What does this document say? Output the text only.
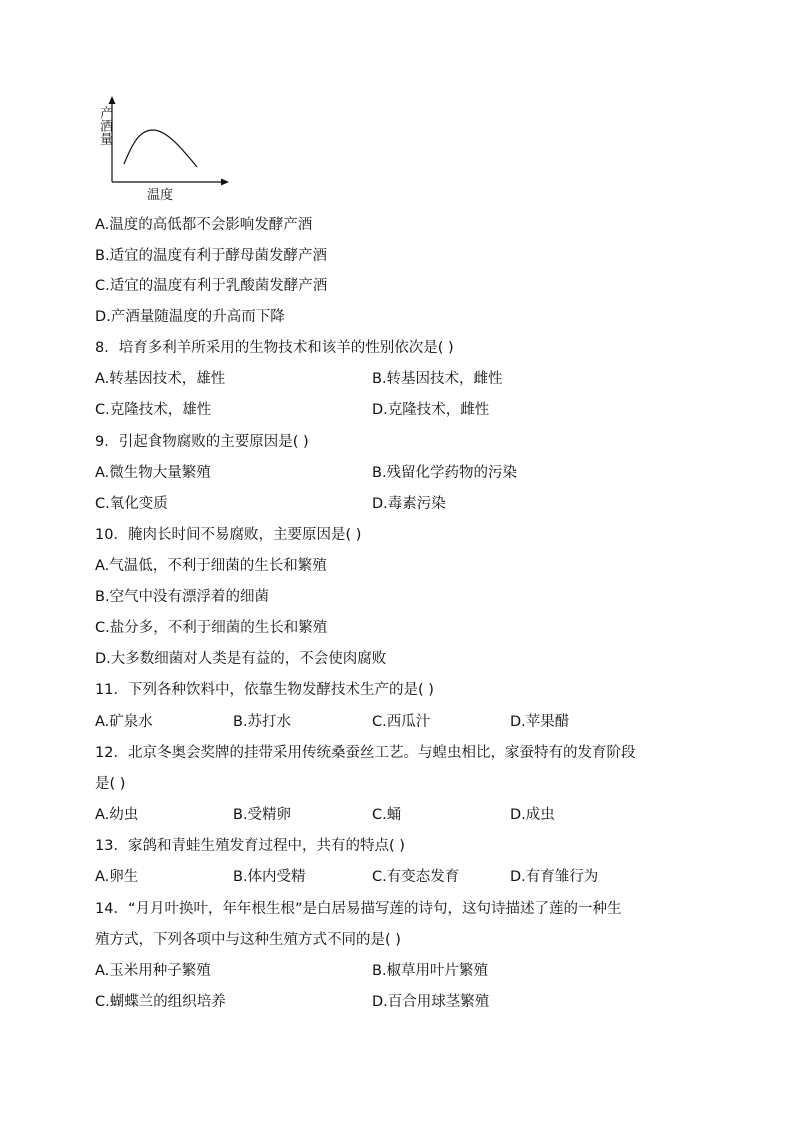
产酒量
温度
A.温度的高低都不会影响发酵产酒
B.适宜的温度有利于酵母菌发酵产酒
C.适宜的温度有利于乳酸菌发酵产酒
D.产酒量随温度的升高而下降
8．培育多利羊所采用的生物技术和该羊的性别依次是( )
A.转基因技术，雄性	B.转基因技术，雌性
C.克隆技术，雄性	D.克隆技术，雌性
9．引起食物腐败的主要原因是( )
A.微生物大量繁殖	B.残留化学药物的污染
C.氧化变质	D.毒素污染
10．腌肉长时间不易腐败，主要原因是( )
A.气温低，不利于细菌的生长和繁殖
B.空气中没有漂浮着的细菌
C.盐分多，不利于细菌的生长和繁殖
D.大多数细菌对人类是有益的，不会使肉腐败
11．下列各种饮料中，依靠生物发酵技术生产的是( )
A.矿泉水	B.苏打水	C.西瓜汁	D.苹果醋
12．北京冬奥会奖牌的挂带采用传统桑蚕丝工艺。与蝗虫相比，家蚕特有的发育阶段
是( )
A.幼虫	B.受精卵	C.蛹	D.成虫
13．家鸽和青蛙生殖发育过程中，共有的特点( )
A.卵生	B.体内受精	C.有变态发育	D.有育雏行为
14．“月月叶换叶，年年根生根”是白居易描写莲的诗句，这句诗描述了莲的一种生
殖方式，下列各项中与这种生殖方式不同的是( )
A.玉米用种子繁殖	B.椒草用叶片繁殖
C.蝴蝶兰的组织培养	D.百合用球茎繁殖
